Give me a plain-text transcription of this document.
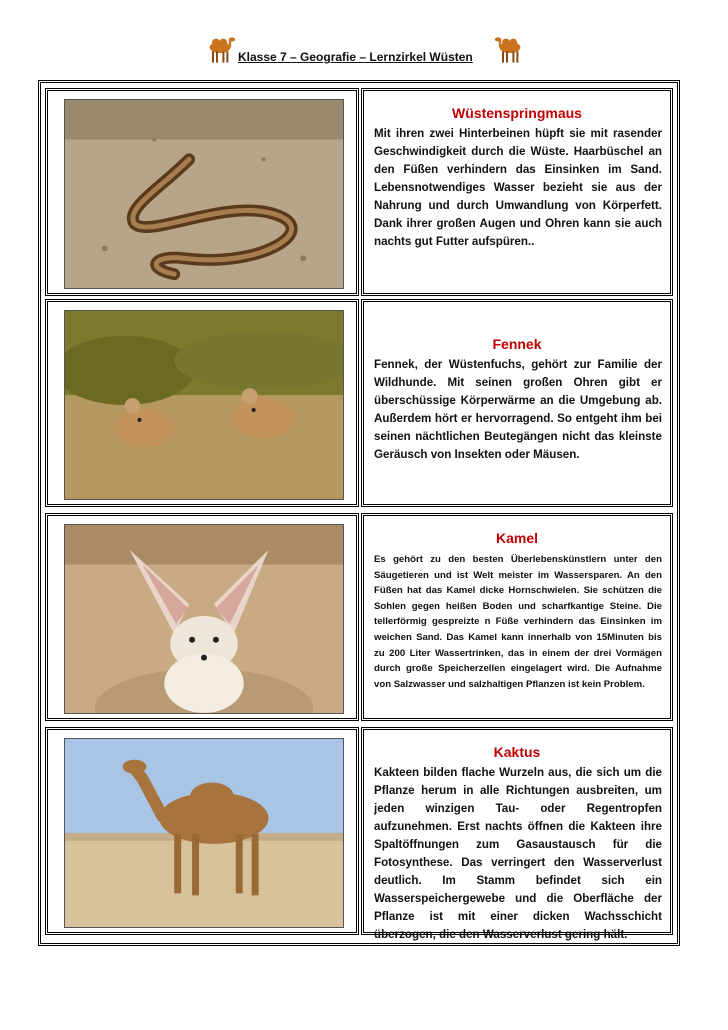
Klasse 7 – Geografie – Lernzirkel Wüsten
Wüstenspringmaus
Mit ihren zwei Hinterbeinen hüpft sie mit rasender Geschwindigkeit durch die Wüste. Haarbüschel an den Füßen verhindern das Einsinken im Sand. Lebensnotwendiges Wasser bezieht sie aus der Nahrung und durch Umwandlung von Körperfett. Dank ihrer großen Augen und Ohren kann sie auch nachts gut Futter aufspüren..
Fennek
Fennek, der Wüstenfuchs, gehört zur Familie der Wildhunde. Mit seinen großen Ohren gibt er überschüssige Körperwärme an die Umgebung ab. Außerdem hört er hervorragend. So entgeht ihm bei seinen nächtlichen Beutegängen nicht das kleinste Geräusch von Insekten oder Mäusen.
Kamel
Es gehört zu den besten Überlebenskünstlern unter den Säugetieren und ist Welt meister im Wassersparen. An den Füßen hat das Kamel dicke Hornschwielen. Sie schützen die Sohlen gegen heißen Boden und scharfkantige Steine. Die tellerförmig gespreizte n Füße verhindern das Einsinken im weichen Sand. Das Kamel kann innerhalb von 15Minuten bis zu 200 Liter Wassertrinken, das in einem der drei Vormägen durch große Speicherzellen eingelagert wird. Die Aufnahme von Salzwasser und salzhaltigen Pflanzen ist kein Problem.
Kaktus
Kakteen bilden flache Wurzeln aus, die sich um die Pflanze herum in alle Richtungen ausbreiten, um jeden winzigen Tau- oder Regentropfen aufzunehmen. Erst nachts öffnen die Kakteen ihre Spaltöffnungen zum Gasaustausch für die Fotosynthese. Das verringert den Wasserverlust deutlich. Im Stamm befindet sich ein Wasserspeichergewebe und die Oberfläche der Pflanze ist mit einer dicken Wachsschicht überzogen, die den Wasserverlust gering hält.
